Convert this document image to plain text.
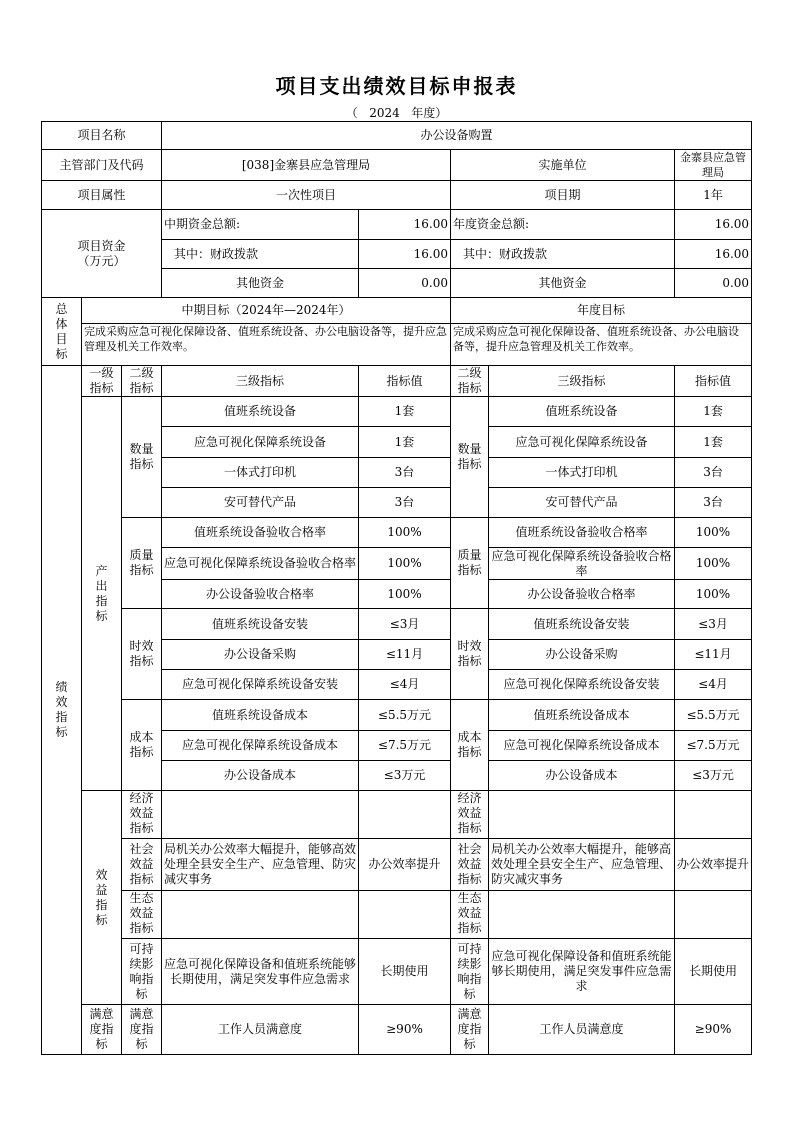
项目支出绩效目标申报表
（   2024   年度）
项目名称			办公设备购置				
主管部门及代码			[038]金寨县应急管理局		实施单位		金寨县应急管理局
项目属性			一次性项目		项目期		1年
项目资金
（万元）			中期资金总额:	16.00	年度资金总额:		16.00
			其中：财政拨款	16.00	其中：财政拨款		16.00
			其他资金	0.00	其他资金		0.00
总体目标	中期目标（2024年—2024年）				年度目标		
	完成采购应急可视化保障设备、值班系统设备、办公电脑设备等，提升应急管理及机关工作效率。				完成采购应急可视化保障设备、值班系统设备、办公电脑设备等，提升应急管理及机关工作效率。		
绩效指标	一级指标	二级指标	三级指标	指标值	二级指标	三级指标	指标值
	产出指标	数量指标	值班系统设备	1套	数量指标	值班系统设备	1套
			应急可视化保障系统设备	1套		应急可视化保障系统设备	1套
			一体式打印机	3台		一体式打印机	3台
			安可替代产品	3台		安可替代产品	3台
		质量指标	值班系统设备验收合格率	100%	质量指标	值班系统设备验收合格率	100%
			应急可视化保障系统设备验收合格率	100%		应急可视化保障系统设备验收合格率	100%
			办公设备验收合格率	100%		办公设备验收合格率	100%
		时效指标	值班系统设备安装	≤3月	时效指标	值班系统设备安装	≤3月
			办公设备采购	≤11月		办公设备采购	≤11月
			应急可视化保障系统设备安装	≤4月		应急可视化保障系统设备安装	≤4月
		成本指标	值班系统设备成本	≤5.5万元	成本指标	值班系统设备成本	≤5.5万元
			应急可视化保障系统设备成本	≤7.5万元		应急可视化保障系统设备成本	≤7.5万元
			办公设备成本	≤3万元		办公设备成本	≤3万元
	效益指标	经济效益指标			经济效益指标		

		社会效益指标	局机关办公效率大幅提升，能够高效处理全县安全生产、应急管理、防灾减灾事务	办公效率提升	社会效益指标	局机关办公效率大幅提升，能够高效处理全县安全生产、应急管理、防灾减灾事务	办公效率提升

		生态效益指标			生态效益指标		

		可持续影响指标	应急可视化保障设备和值班系统能够长期使用，满足突发事件应急需求	长期使用	可持续影响指标	应急可视化保障设备和值班系统能够长期使用，满足突发事件应急需求	长期使用

	满意度指标	满意度指标	工作人员满意度	≥90%	满意度指标	工作人员满意度	≥90%
